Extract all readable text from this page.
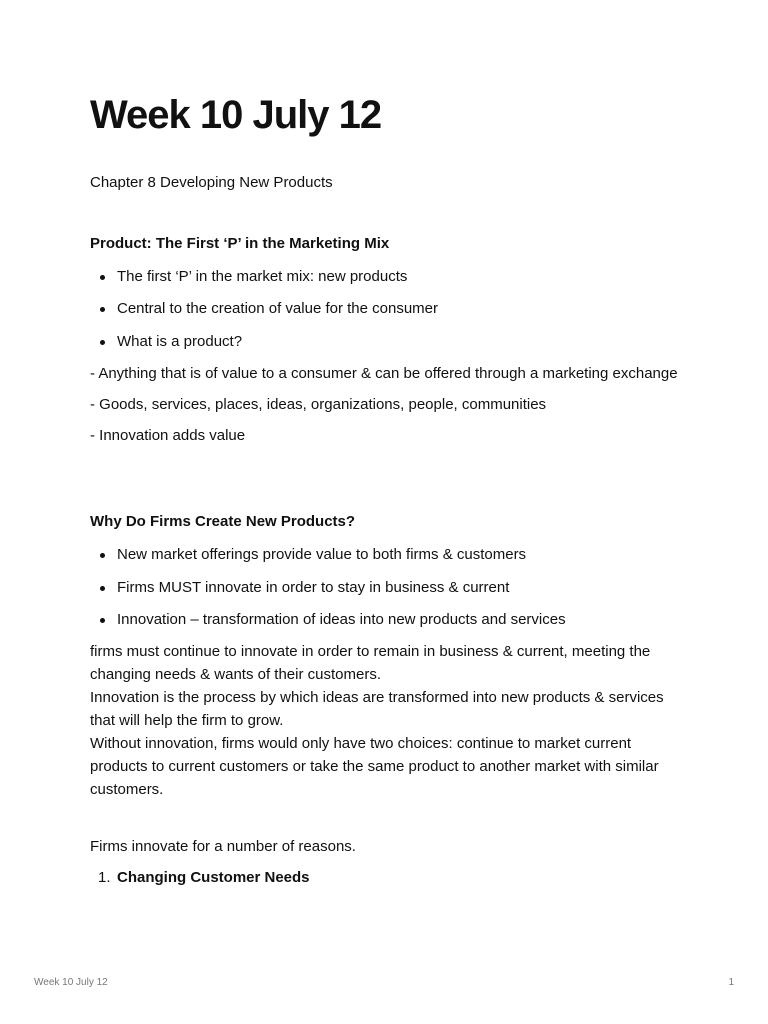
Week 10 July 12

Chapter 8 Developing New Products

Product: The First ‘P’ in the Marketing Mix

The first ‘P’ in the market mix: new products
Central to the creation of value for the consumer
What is a product?

- Anything that is of value to a consumer & can be offered through a marketing exchange

- Goods, services, places, ideas, organizations, people, communities

- Innovation adds value

Why Do Firms Create New Products?

New market offerings provide value to both firms & customers
Firms MUST innovate in order to stay in business & current
Innovation – transformation of ideas into new products and services

firms must continue to innovate in order to remain in business & current, meeting the changing needs & wants of their customers.

Innovation is the process by which ideas are transformed into new products & services that will help the firm to grow.

Without innovation, firms would only have two choices: continue to market current products to current customers or take the same product to another market with similar customers.

Firms innovate for a number of reasons.

1. Changing Customer Needs
Week 10 July 12	1
